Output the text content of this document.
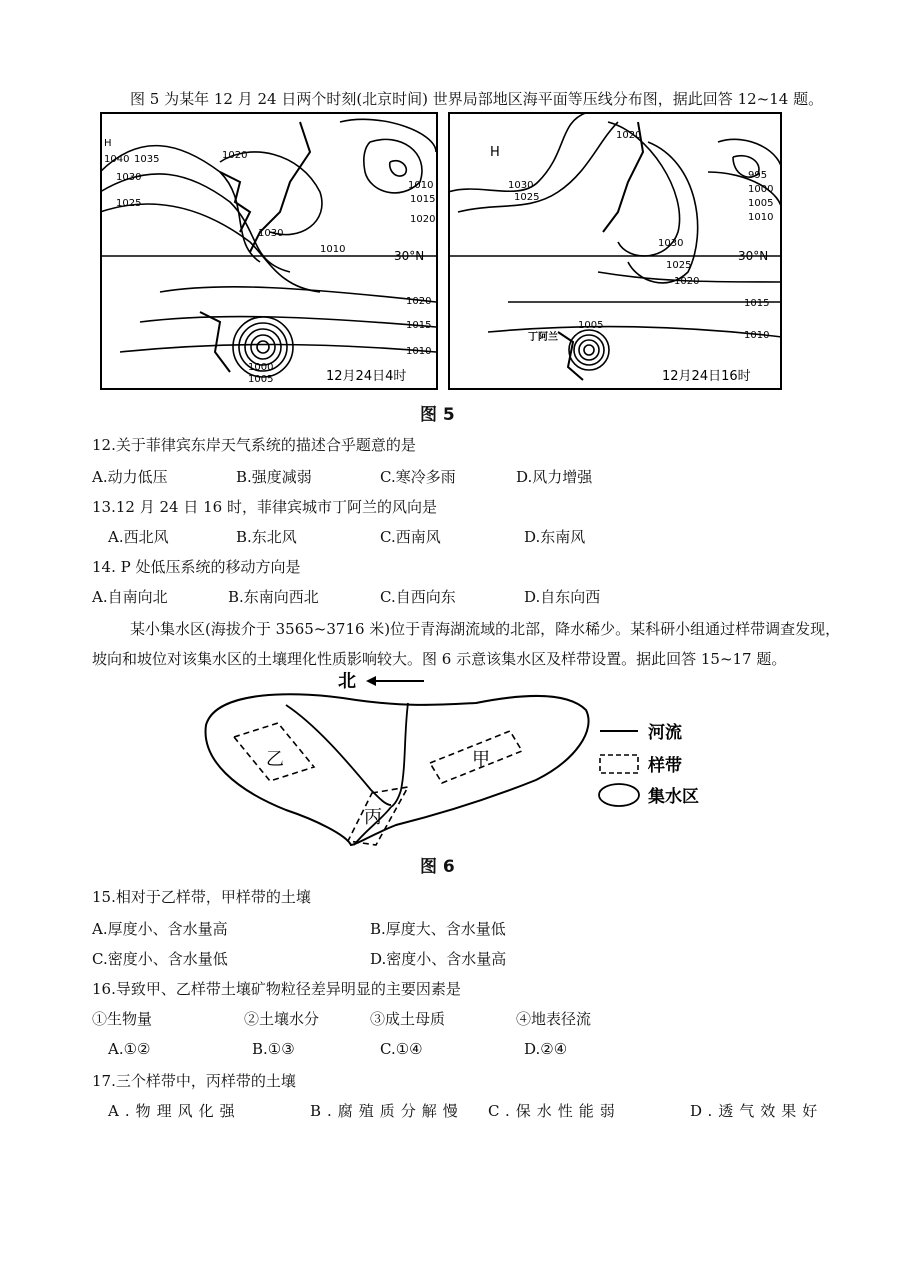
图 5 为某年 12 月 24 日两个时刻(北京时间) 世界局部地区海平面等压线分布图，据此回答 12~14 题。
H
1040 1035
1030
1025
1020
1030
1010
1010
1015
1020
1020
1015
1010
1000
1005
30°N
12月24日4时
H
1020
995
1000
1005
1010
1030
1025
1030
1025
1020
1015
1010
1005
30°N
丁阿兰
12月24日16时
图 5
12.关于菲律宾东岸天气系统的描述合乎题意的是
A.动力低压	B.强度减弱	C.寒冷多雨	D.风力增强
13.12 月 24 日 16 时，菲律宾城市丁阿兰的风向是
A.西北风	B.东北风	C.西南风	D.东南风
14. P 处低压系统的移动方向是
A.自南向北	B.东南向西北	C.自西向东	D.自东向西
某小集水区(海拔介于 3565~3716 米)位于青海湖流域的北部，降水稀少。某科研小组通过样带调查发现，
坡向和坡位对该集水区的土壤理化性质影响较大。图 6 示意该集水区及样带设置。据此回答 15~17 题。
北
乙	甲
丙
河流
样带
集水区
图 6
15.相对于乙样带，甲样带的土壤
A.厚度小、含水量高	B.厚度大、含水量低
C.密度小、含水量低	D.密度小、含水量高
16.导致甲、乙样带土壤矿物粒径差异明显的主要因素是
①生物量	②土壤水分	③成土母质	④地表径流
A.①②	B.①③	C.①④	D.②④
17.三个样带中，丙样带的土壤
A.物理风化强	B.腐殖质分解慢 C.保水性能弱	D.透气效果好
